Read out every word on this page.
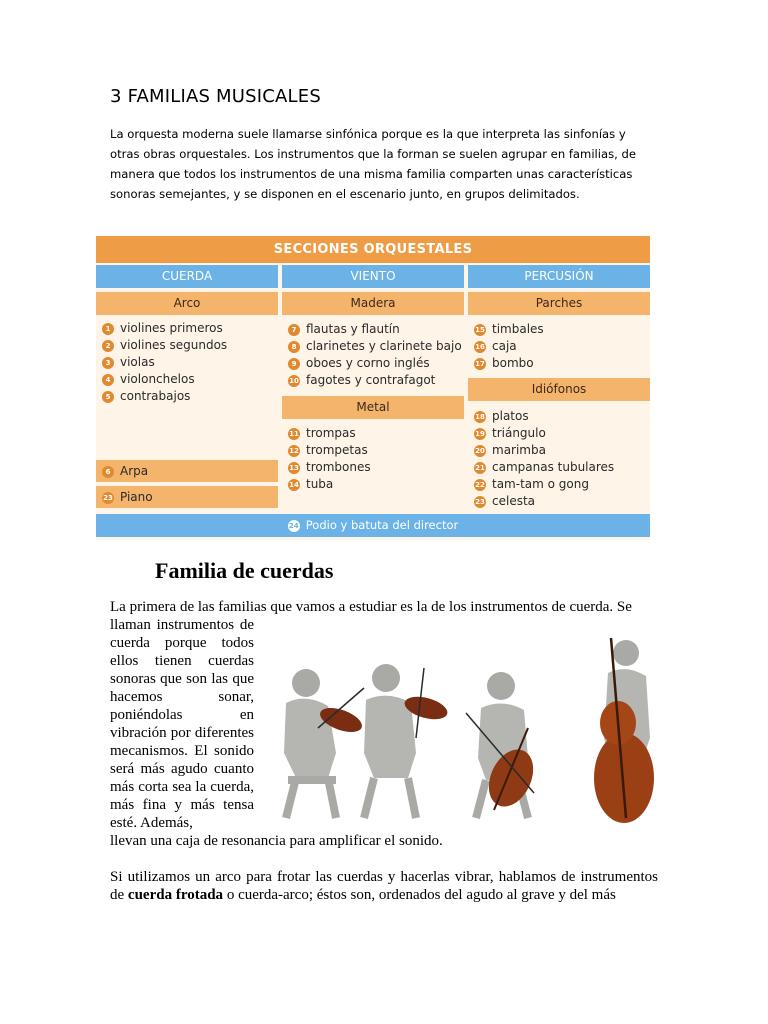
3 FAMILIAS MUSICALES
La orquesta moderna suele llamarse sinfónica porque es la que interpreta las sinfonías y otras obras orquestales. Los instrumentos que la forman se suelen agrupar en familias, de manera que todos los instrumentos de una misma familia comparten unas características sonoras semejantes, y se disponen en el escenario junto, en grupos delimitados.
SECCIONES ORQUESTALES
CUERDA	VIENTO	PERCUSIÓN
Arco
1 violines primeros
2 violines segundos
3 violas
4 violonchelos
5 contrabajos
6 Arpa
23 Piano
Madera
7 flautas y flautín
8 clarinetes y clarinete bajo
9 oboes y corno inglés
10 fagotes y contrafagot
Metal
11 trompas
12 trompetas
13 trombones
14 tuba
Parches
15 timbales
16 caja
17 bombo
Idiófonos
18 platos
19 triángulo
20 marimba
21 campanas tubulares
22 tam-tam o gong
23 celesta
24 Podio y batuta del director
Familia de cuerdas
La primera de las familias que vamos a estudiar es la de los instrumentos de cuerda. Se
llaman instrumentos de cuerda porque todos ellos tienen cuerdas sonoras que son las que hacemos sonar, poniéndolas en vibración por diferentes mecanismos. El sonido será más agudo cuanto más corta sea la cuerda, más fina y más tensa esté. Además,
llevan una caja de resonancia para amplificar el sonido.
Si utilizamos un arco para frotar las cuerdas y hacerlas vibrar, hablamos de instrumentos de cuerda frotada o cuerda-arco; éstos son, ordenados del agudo al grave y del más
